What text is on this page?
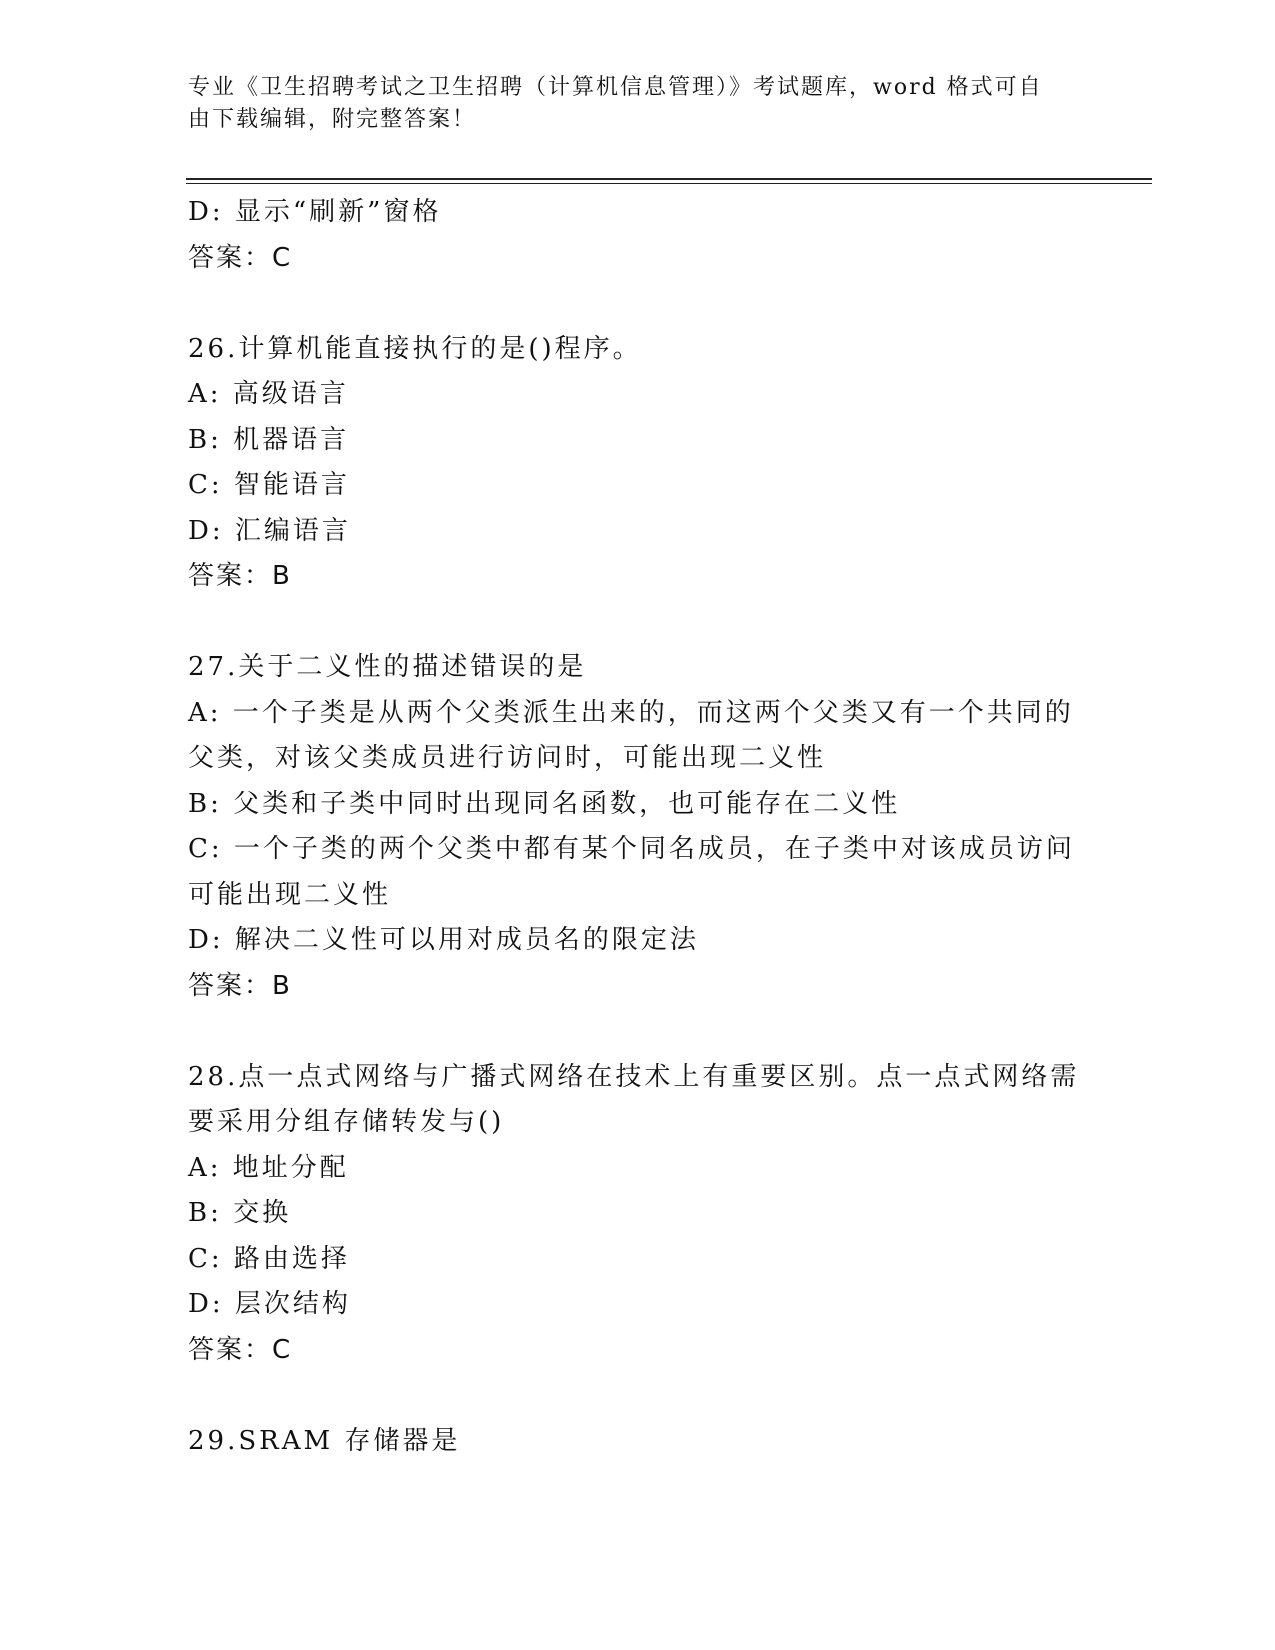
专业《卫生招聘考试之卫生招聘（计算机信息管理）》考试题库，word 格式可自
由下载编辑，附完整答案！
D: 显示“刷新”窗格
答案：C
26.计算机能直接执行的是()程序。
A: 高级语言
B: 机器语言
C: 智能语言
D: 汇编语言
答案：B
27.关于二义性的描述错误的是
A: 一个子类是从两个父类派生出来的，而这两个父类又有一个共同的
父类，对该父类成员进行访问时，可能出现二义性
B: 父类和子类中同时出现同名函数，也可能存在二义性
C: 一个子类的两个父类中都有某个同名成员，在子类中对该成员访问
可能出现二义性
D: 解决二义性可以用对成员名的限定法
答案：B
28.点一点式网络与广播式网络在技术上有重要区别。点一点式网络需
要采用分组存储转发与()
A: 地址分配
B: 交换
C: 路由选择
D: 层次结构
答案：C
29.SRAM 存储器是
